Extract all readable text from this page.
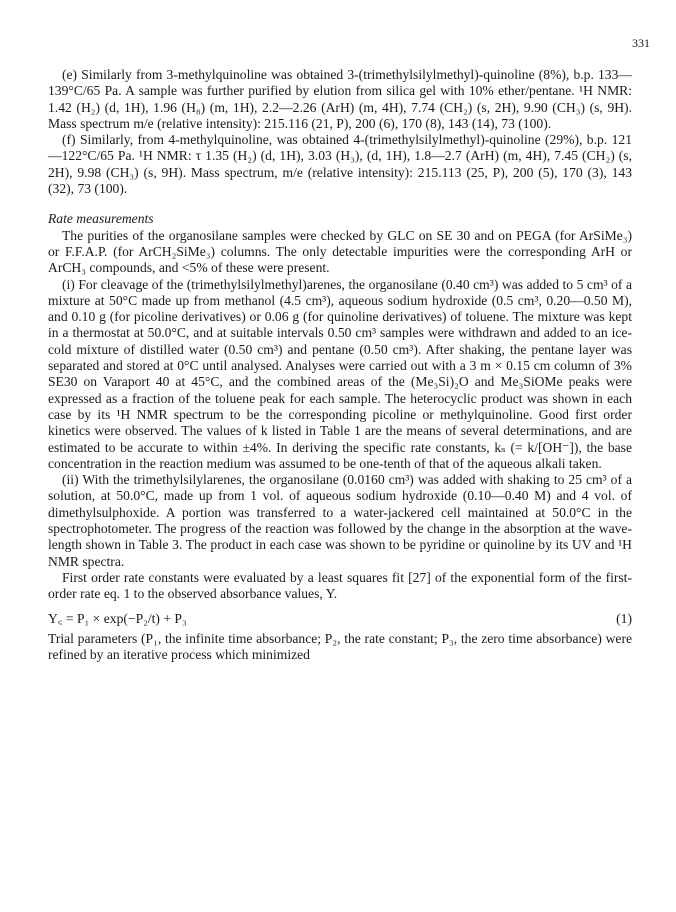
331

(e) Similarly from 3-methylquinoline was obtained 3-(trimethylsilylmethyl)-quinoline (8%), b.p. 133—139°C/65 Pa. A sample was further purified by elution from silica gel with 10% ether/pentane. ¹H NMR: 1.42 (H₂) (d, 1H), 1.96 (H₈) (m, 1H), 2.2—2.26 (ArH) (m, 4H), 7.74 (CH₂) (s, 2H), 9.90 (CH₃) (s, 9H). Mass spectrum m/e (relative intensity): 215.116 (21, P), 200 (6), 170 (8), 143 (14), 73 (100).

(f) Similarly, from 4-methylquinoline, was obtained 4-(trimethylsilylmethyl)-quinoline (29%), b.p. 121—122°C/65 Pa. ¹H NMR: τ 1.35 (H₂) (d, 1H), 3.03 (H₃), (d, 1H), 1.8—2.7 (ArH) (m, 4H), 7.45 (CH₂) (s, 2H), 9.98 (CH₃) (s, 9H). Mass spectrum, m/e (relative intensity): 215.113 (25, P), 200 (5), 170 (3), 143 (32), 73 (100).

Rate measurements

The purities of the organosilane samples were checked by GLC on SE 30 and on PEGA (for ArSiMe₃) or F.F.A.P. (for ArCH₂SiMe₃) columns. The only detectable impurities were the corresponding ArH or ArCH₃ compounds, and <5% of these were present.

(i) For cleavage of the (trimethylsilylmethyl)arenes, the organosilane (0.40 cm³) was added to 5 cm³ of a mixture at 50°C made up from methanol (4.5 cm³), aqueous sodium hydroxide (0.5 cm³, 0.20—0.50 M), and 0.10 g (for picoline derivatives) or 0.06 g (for quinoline derivatives) of toluene. The mixture was kept in a thermostat at 50.0°C, and at suitable intervals 0.50 cm³ samples were withdrawn and added to an ice-cold mixture of distilled water (0.50 cm³) and pentane (0.50 cm³). After shaking, the pentane layer was separated and stored at 0°C until analysed. Analyses were carried out with a 3 m × 0.15 cm column of 3% SE30 on Varaport 40 at 45°C, and the combined areas of the (Me₃Si)₂O and Me₃SiOMe peaks were expressed as a fraction of the toluene peak for each sample. The heterocyclic product was shown in each case by its ¹H NMR spectrum to be the corresponding picoline or methylquinoline. Good first order kinetics were observed. The values of k listed in Table 1 are the means of several determinations, and are estimated to be accurate to within ±4%. In deriving the specific rate constants, kₛ (= k/[OH⁻]), the base concentration in the reaction medium was assumed to be one-tenth of that of the aqueous alkali taken.

(ii) With the trimethylsilylarenes, the organosilane (0.0160 cm³) was added with shaking to 25 cm³ of a solution, at 50.0°C, made up from 1 vol. of aqueous sodium hydroxide (0.10—0.40 M) and 4 vol. of dimethylsulphoxide. A portion was transferred to a water-jackered cell maintained at 50.0°C in the spectrophotometer. The progress of the reaction was followed by the change in the absorption at the wave-length shown in Table 3. The product in each case was shown to be pyridine or quinoline by its UV and ¹H NMR spectra.

First order rate constants were evaluated by a least squares fit [27] of the exponential form of the first-order rate eq. 1 to the observed absorbance values, Y.

Y꜀ = P₁ × exp(−P₂/t) + P₃	(1)

Trial parameters (P₁, the infinite time absorbance; P₂, the rate constant; P₃, the zero time absorbance) were refined by an iterative process which minimized
